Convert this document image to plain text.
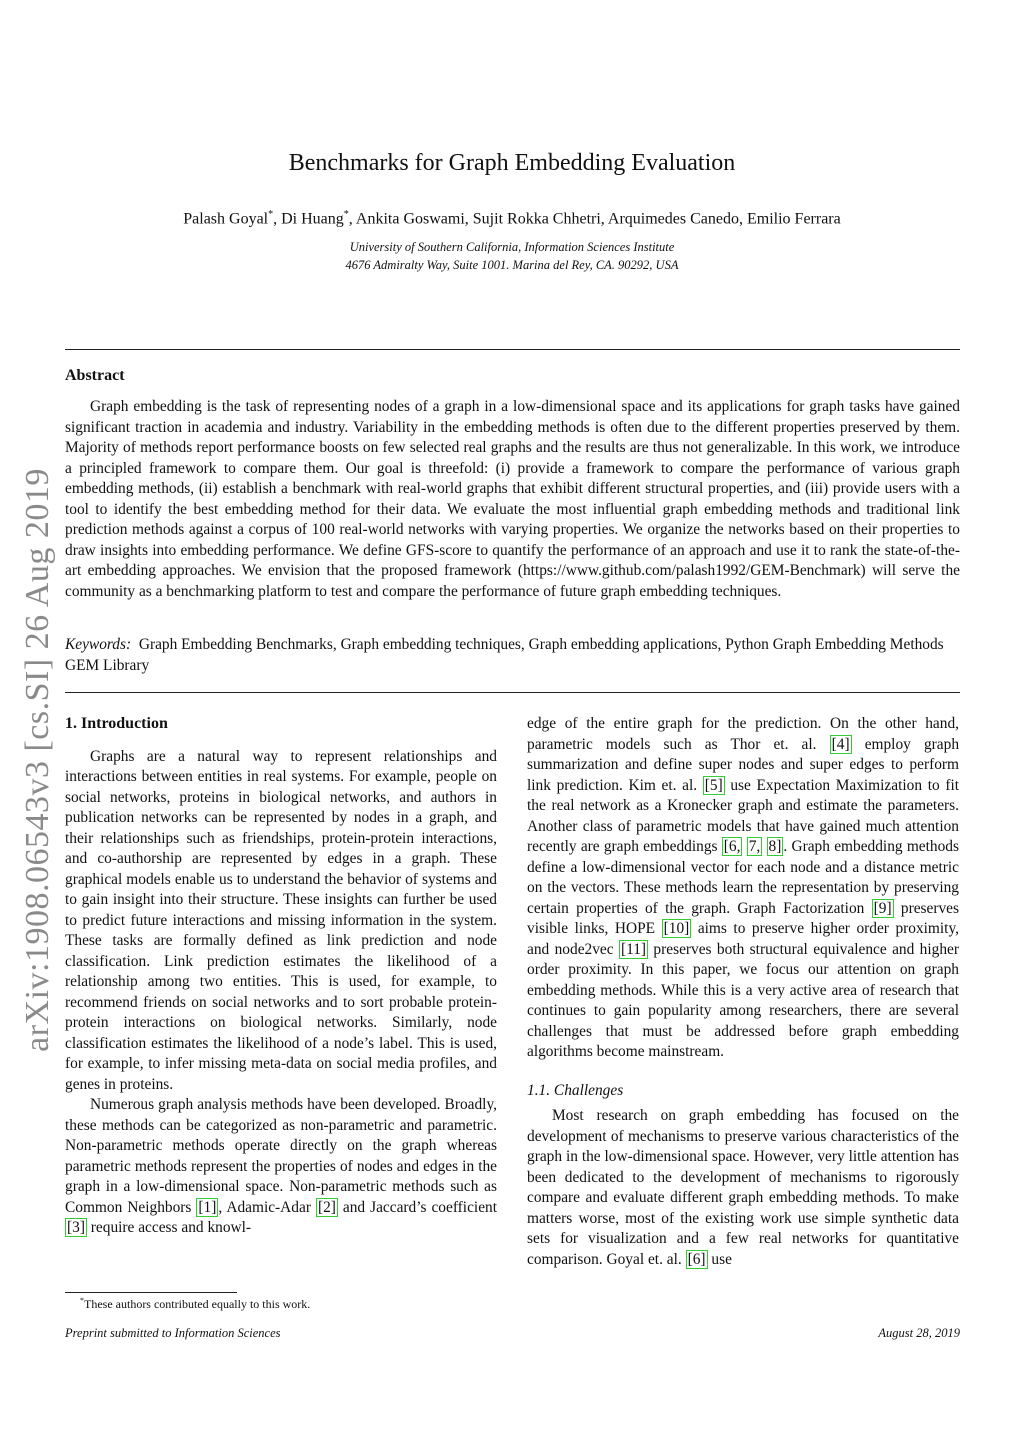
arXiv:1908.06543v3 [cs.SI] 26 Aug 2019
Benchmarks for Graph Embedding Evaluation
Palash Goyal*, Di Huang*, Ankita Goswami, Sujit Rokka Chhetri, Arquimedes Canedo, Emilio Ferrara
University of Southern California, Information Sciences Institute
4676 Admiralty Way, Suite 1001. Marina del Rey, CA. 90292, USA
Abstract

Graph embedding is the task of representing nodes of a graph in a low-dimensional space and its applications for graph tasks have gained significant traction in academia and industry. Variability in the embedding methods is often due to the different properties preserved by them. Majority of methods report performance boosts on few selected real graphs and the results are thus not generalizable. In this work, we introduce a principled framework to compare them. Our goal is threefold: (i) provide a framework to compare the performance of various graph embedding methods, (ii) establish a benchmark with real-world graphs that exhibit different structural properties, and (iii) provide users with a tool to identify the best embedding method for their data. We evaluate the most influential graph embedding methods and traditional link prediction methods against a corpus of 100 real-world networks with varying properties. We organize the networks based on their properties to draw insights into embedding performance. We define GFS-score to quantify the performance of an approach and use it to rank the state-of-the-art embedding approaches. We envision that the proposed framework (https://www.github.com/palash1992/GEM-Benchmark) will serve the community as a benchmarking platform to test and compare the performance of future graph embedding techniques.

Keywords: Graph Embedding Benchmarks, Graph embedding techniques, Graph embedding applications, Python Graph Embedding Methods GEM Library
1. Introduction

Graphs are a natural way to represent relationships and interactions between entities in real systems. For example, people on social networks, proteins in biological networks, and authors in publication networks can be represented by nodes in a graph, and their relationships such as friendships, protein-protein interactions, and co-authorship are represented by edges in a graph. These graphical models enable us to understand the behavior of systems and to gain insight into their structure. These insights can further be used to predict future interactions and missing information in the system. These tasks are formally defined as link prediction and node classification. Link prediction estimates the likelihood of a relationship among two entities. This is used, for example, to recommend friends on social networks and to sort probable protein-protein interactions on biological networks. Similarly, node classification estimates the likelihood of a node’s label. This is used, for example, to infer missing meta-data on social media profiles, and genes in proteins.

Numerous graph analysis methods have been developed. Broadly, these methods can be categorized as non-parametric and parametric. Non-parametric methods operate directly on the graph whereas parametric methods represent the properties of nodes and edges in the graph in a low-dimensional space. Non-parametric methods such as Common Neighbors [1] , Adamic-Adar [2] and Jaccard’s coefficient [3] require access and knowl-

edge of the entire graph for the prediction. On the other hand, parametric models such as Thor et. al. [4] employ graph summarization and define super nodes and super edges to perform link prediction. Kim et. al. [5] use Expectation Maximization to fit the real network as a Kronecker graph and estimate the parameters. Another class of parametric models that have gained much attention recently are graph embeddings [6, 7, 8] . Graph embedding methods define a low-dimensional vector for each node and a distance metric on the vectors. These methods learn the representation by preserving certain properties of the graph. Graph Factorization [9] preserves visible links, HOPE [10] aims to preserve higher order proximity, and node2vec [11] preserves both structural equivalence and higher order proximity. In this paper, we focus our attention on graph embedding methods. While this is a very active area of research that continues to gain popularity among researchers, there are several challenges that must be addressed before graph embedding algorithms become mainstream.

1.1. Challenges

Most research on graph embedding has focused on the development of mechanisms to preserve various characteristics of the graph in the low-dimensional space. However, very little attention has been dedicated to the development of mechanisms to rigorously compare and evaluate different graph embedding methods. To make matters worse, most of the existing work use simple synthetic data sets for visualization and a few real networks for quantitative comparison. Goyal et. al. [6] use

*These authors contributed equally to this work.
Preprint submitted to Information Sciences	August 28, 2019
